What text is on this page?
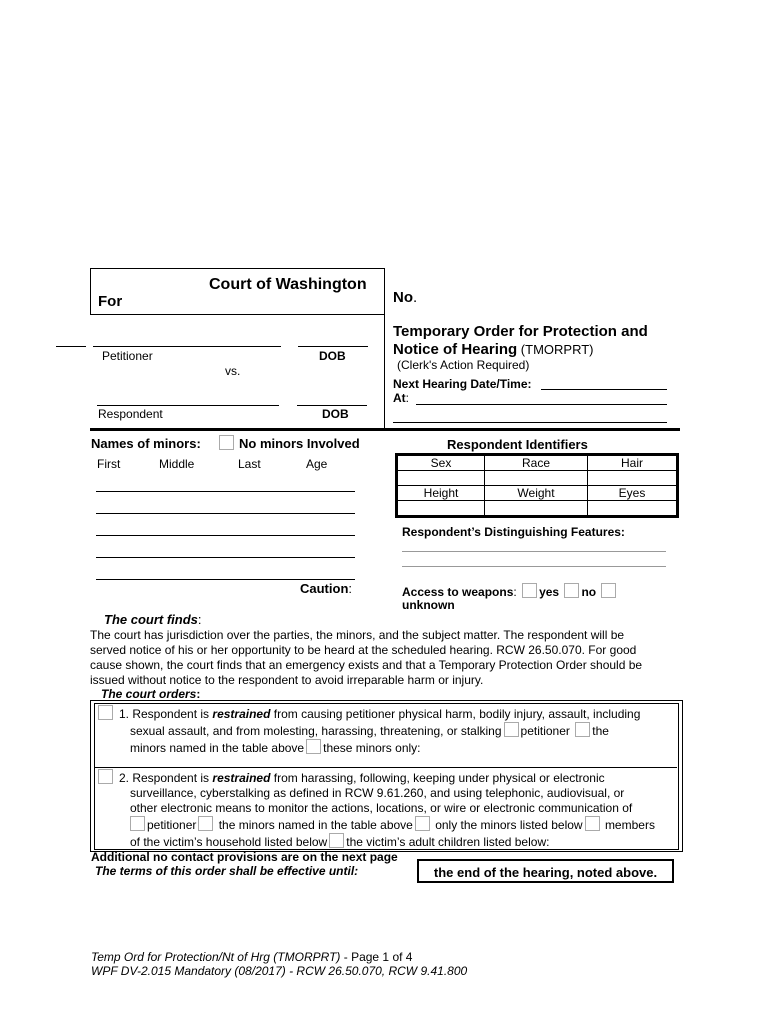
Court of Washington
For	No.
Petitioner	DOB
vs.
Respondent	DOB
Temporary Order for Protection and
Notice of Hearing (TMORPRT)
(Clerk's Action Required)
Next Hearing Date/Time:
At:
Names of minors:	No minors Involved
First	Middle	Last	Age
Caution:
Respondent Identifiers
Sex	Race	Hair

Height	Weight	Eyes

Respondent’s Distinguishing Features:
Access to weapons: yes no
unknown
The court finds:
The court has jurisdiction over the parties, the minors, and the subject matter. The respondent will be
served notice of his or her opportunity to be heard at the scheduled hearing. RCW 26.50.070. For good
cause shown, the court finds that an emergency exists and that a Temporary Protection Order should be
issued without notice to the respondent to avoid irreparable harm or injury.
The court orders:
1. Respondent is restrained from causing petitioner physical harm, bodily injury, assault, including
sexual assault, and from molesting, harassing, threatening, or stalking petitioner the
minors named in the table above these minors only:
2. Respondent is restrained from harassing, following, keeping under physical or electronic
surveillance, cyberstalking as defined in RCW 9.61.260, and using telephonic, audiovisual, or
other electronic means to monitor the actions, locations, or wire or electronic communication of
petitioner the minors named in the table above only the minors listed below members
of the victim’s household listed below the victim’s adult children listed below:
Additional no contact provisions are on the next page
The terms of this order shall be effective until:	the end of the hearing, noted above.
Temp Ord for Protection/Nt of Hrg (TMORPRT) - Page 1 of 4
WPF DV-2.015 Mandatory (08/2017) - RCW 26.50.070, RCW 9.41.800
